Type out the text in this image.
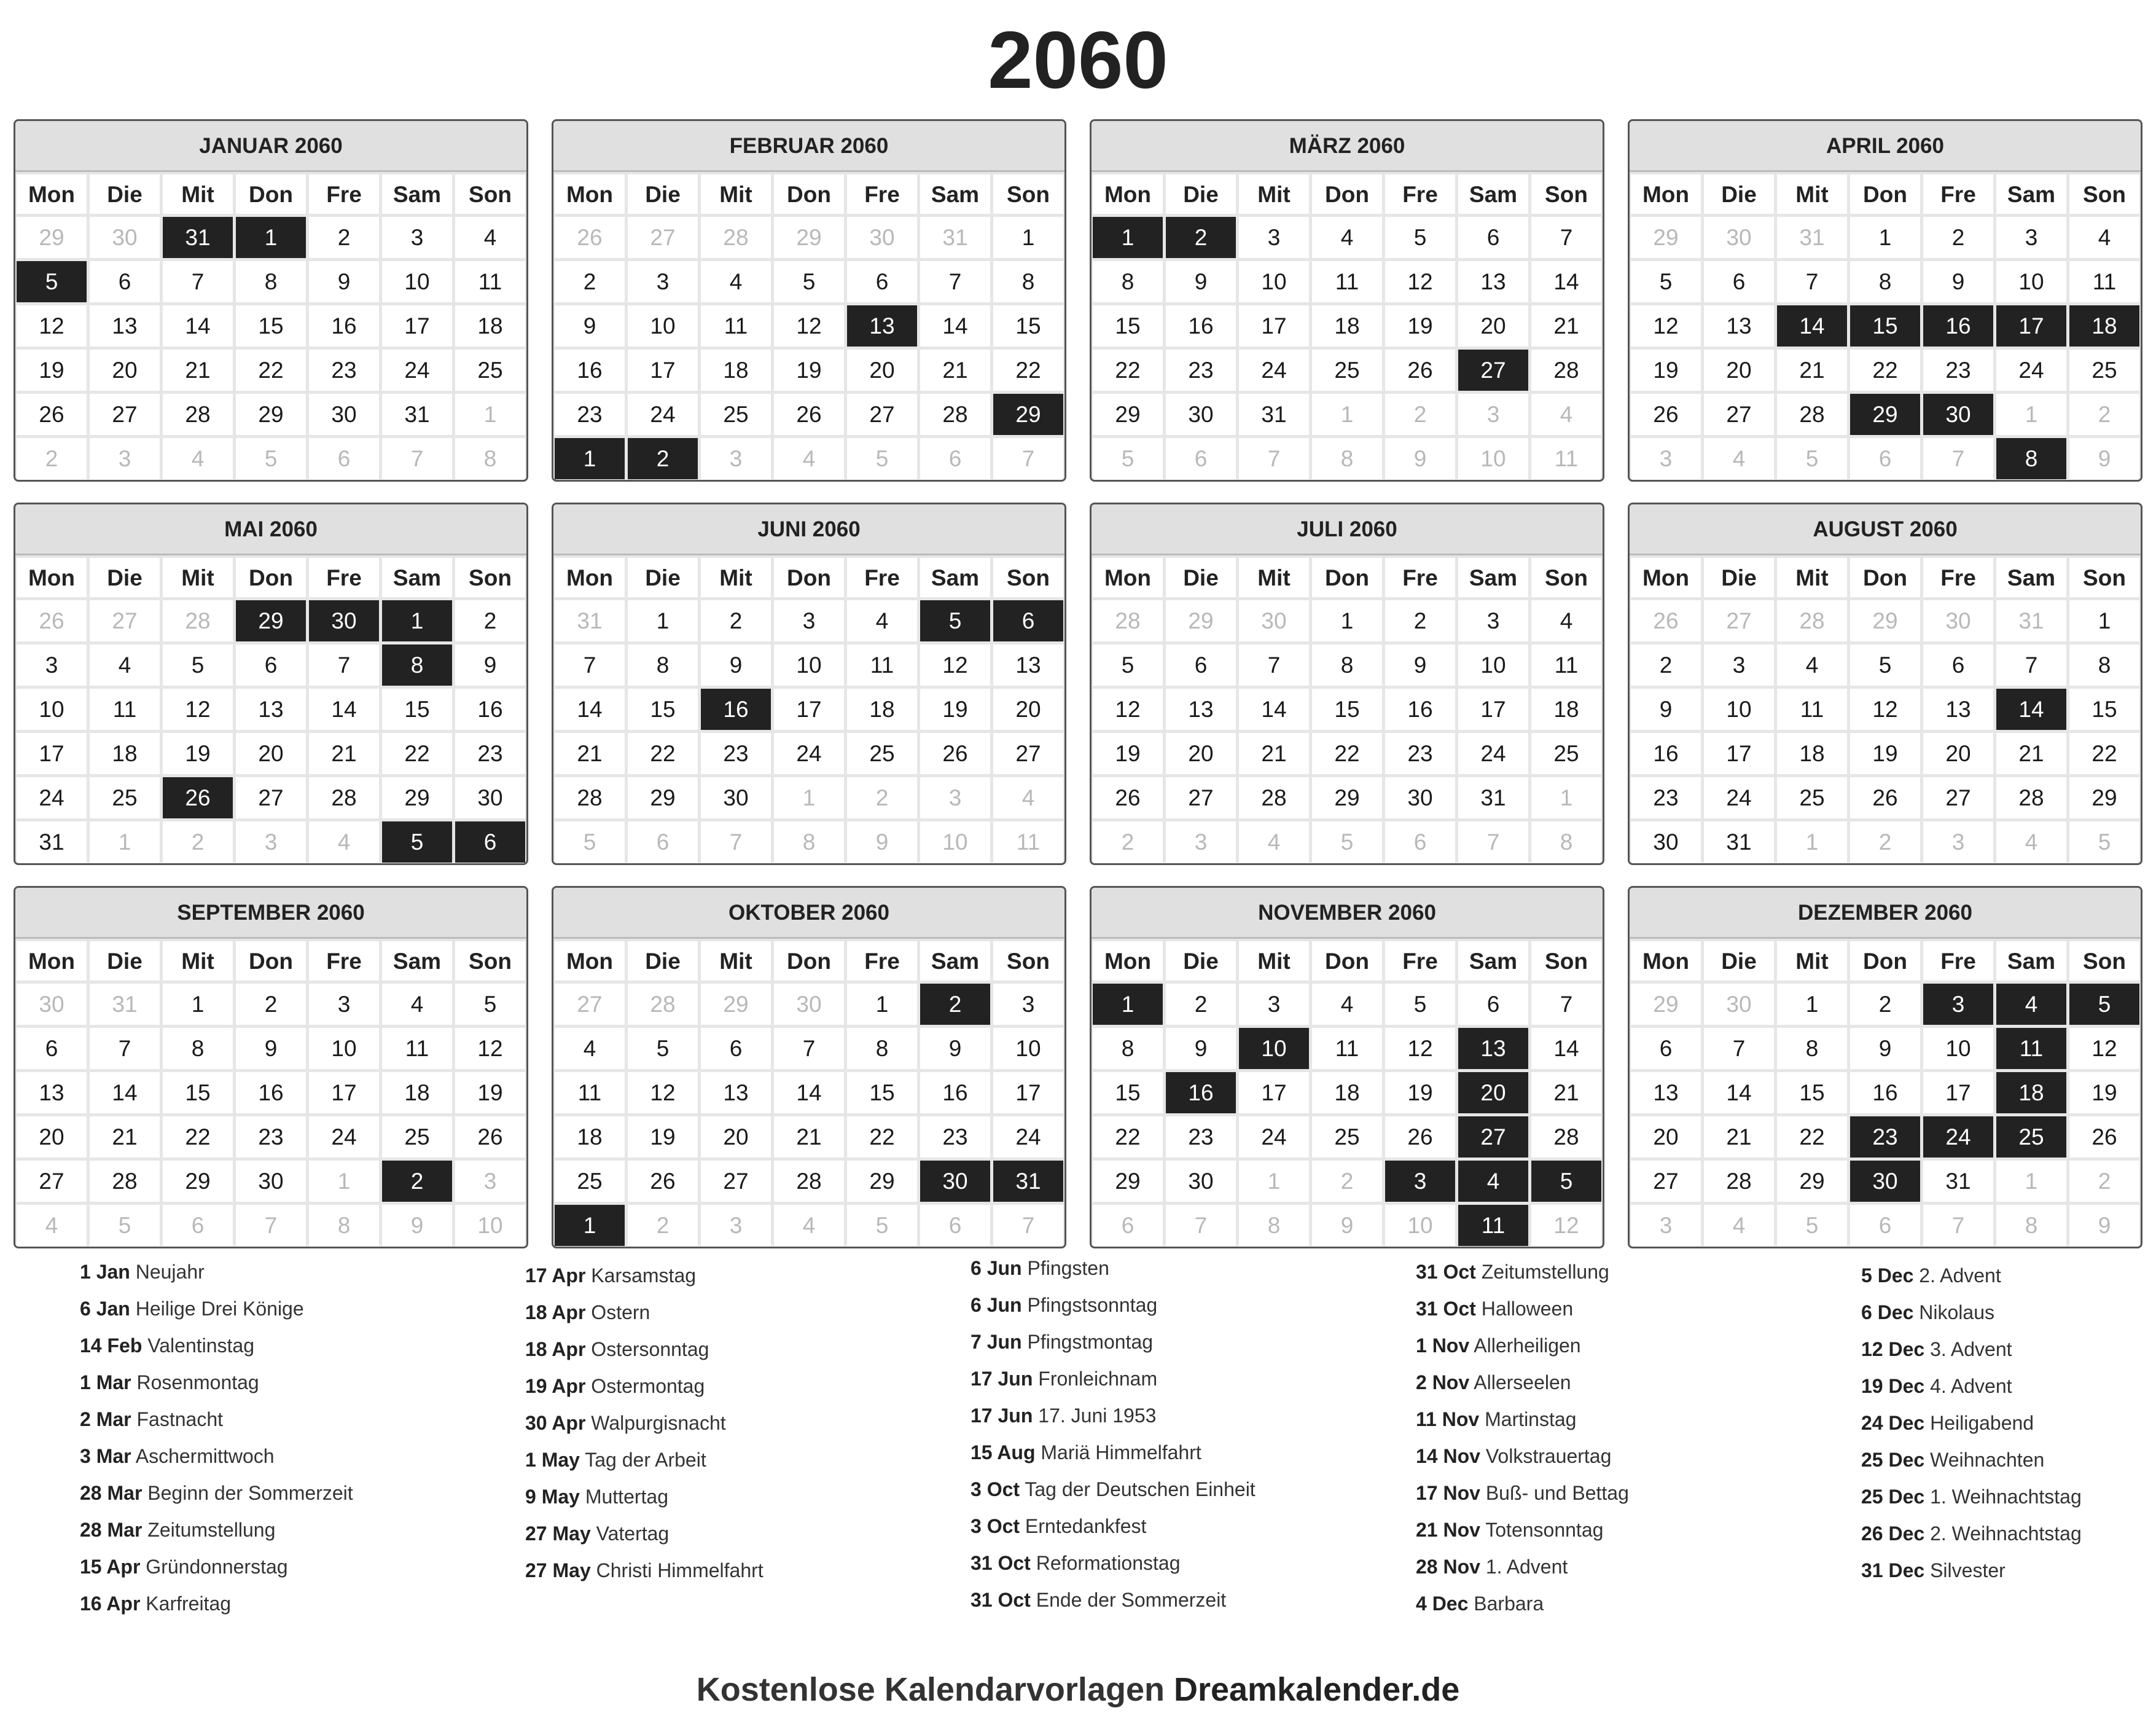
2060
JANUAR 2060
Mon	Die	Mit	Don	Fre	Sam	Son
29	30	31	1	2	3	4
5	6	7	8	9	10	11
12	13	14	15	16	17	18
19	20	21	22	23	24	25
26	27	28	29	30	31	1
2	3	4	5	6	7	8
FEBRUAR 2060
Mon	Die	Mit	Don	Fre	Sam	Son
26	27	28	29	30	31	1
2	3	4	5	6	7	8
9	10	11	12	13	14	15
16	17	18	19	20	21	22
23	24	25	26	27	28	29
1	2	3	4	5	6	7
MÄRZ 2060
Mon	Die	Mit	Don	Fre	Sam	Son
1	2	3	4	5	6	7
8	9	10	11	12	13	14
15	16	17	18	19	20	21
22	23	24	25	26	27	28
29	30	31	1	2	3	4
5	6	7	8	9	10	11
APRIL 2060
Mon	Die	Mit	Don	Fre	Sam	Son
29	30	31	1	2	3	4
5	6	7	8	9	10	11
12	13	14	15	16	17	18
19	20	21	22	23	24	25
26	27	28	29	30	1	2
3	4	5	6	7	8	9
MAI 2060
Mon	Die	Mit	Don	Fre	Sam	Son
26	27	28	29	30	1	2
3	4	5	6	7	8	9
10	11	12	13	14	15	16
17	18	19	20	21	22	23
24	25	26	27	28	29	30
31	1	2	3	4	5	6
JUNI 2060
Mon	Die	Mit	Don	Fre	Sam	Son
31	1	2	3	4	5	6
7	8	9	10	11	12	13
14	15	16	17	18	19	20
21	22	23	24	25	26	27
28	29	30	1	2	3	4
5	6	7	8	9	10	11
JULI 2060
Mon	Die	Mit	Don	Fre	Sam	Son
28	29	30	1	2	3	4
5	6	7	8	9	10	11
12	13	14	15	16	17	18
19	20	21	22	23	24	25
26	27	28	29	30	31	1
2	3	4	5	6	7	8
AUGUST 2060
Mon	Die	Mit	Don	Fre	Sam	Son
26	27	28	29	30	31	1
2	3	4	5	6	7	8
9	10	11	12	13	14	15
16	17	18	19	20	21	22
23	24	25	26	27	28	29
30	31	1	2	3	4	5
SEPTEMBER 2060
Mon	Die	Mit	Don	Fre	Sam	Son
30	31	1	2	3	4	5
6	7	8	9	10	11	12
13	14	15	16	17	18	19
20	21	22	23	24	25	26
27	28	29	30	1	2	3
4	5	6	7	8	9	10
OKTOBER 2060
Mon	Die	Mit	Don	Fre	Sam	Son
27	28	29	30	1	2	3
4	5	6	7	8	9	10
11	12	13	14	15	16	17
18	19	20	21	22	23	24
25	26	27	28	29	30	31
1	2	3	4	5	6	7
NOVEMBER 2060
Mon	Die	Mit	Don	Fre	Sam	Son
1	2	3	4	5	6	7
8	9	10	11	12	13	14
15	16	17	18	19	20	21
22	23	24	25	26	27	28
29	30	1	2	3	4	5
6	7	8	9	10	11	12
DEZEMBER 2060
Mon	Die	Mit	Don	Fre	Sam	Son
29	30	1	2	3	4	5
6	7	8	9	10	11	12
13	14	15	16	17	18	19
20	21	22	23	24	25	26
27	28	29	30	31	1	2
3	4	5	6	7	8	9
1 Jan Neujahr
6 Jan Heilige Drei Könige
14 Feb Valentinstag
1 Mar Rosenmontag
2 Mar Fastnacht
3 Mar Aschermittwoch
28 Mar Beginn der Sommerzeit
28 Mar Zeitumstellung
15 Apr Gründonnerstag
16 Apr Karfreitag
17 Apr Karsamstag
18 Apr Ostern
18 Apr Ostersonntag
19 Apr Ostermontag
30 Apr Walpurgisnacht
1 May Tag der Arbeit
9 May Muttertag
27 May Vatertag
27 May Christi Himmelfahrt
6 Jun Pfingsten
6 Jun Pfingstsonntag
7 Jun Pfingstmontag
17 Jun Fronleichnam
17 Jun 17. Juni 1953
15 Aug Mariä Himmelfahrt
3 Oct Tag der Deutschen Einheit
3 Oct Erntedankfest
31 Oct Reformationstag
31 Oct Ende der Sommerzeit
31 Oct Zeitumstellung
31 Oct Halloween
1 Nov Allerheiligen
2 Nov Allerseelen
11 Nov Martinstag
14 Nov Volkstrauertag
17 Nov Buß- und Bettag
21 Nov Totensonntag
28 Nov 1. Advent
4 Dec Barbara
5 Dec 2. Advent
6 Dec Nikolaus
12 Dec 3. Advent
19 Dec 4. Advent
24 Dec Heiligabend
25 Dec Weihnachten
25 Dec 1. Weihnachtstag
26 Dec 2. Weihnachtstag
31 Dec Silvester
Kostenlose Kalendarvorlagen Dreamkalender.de
